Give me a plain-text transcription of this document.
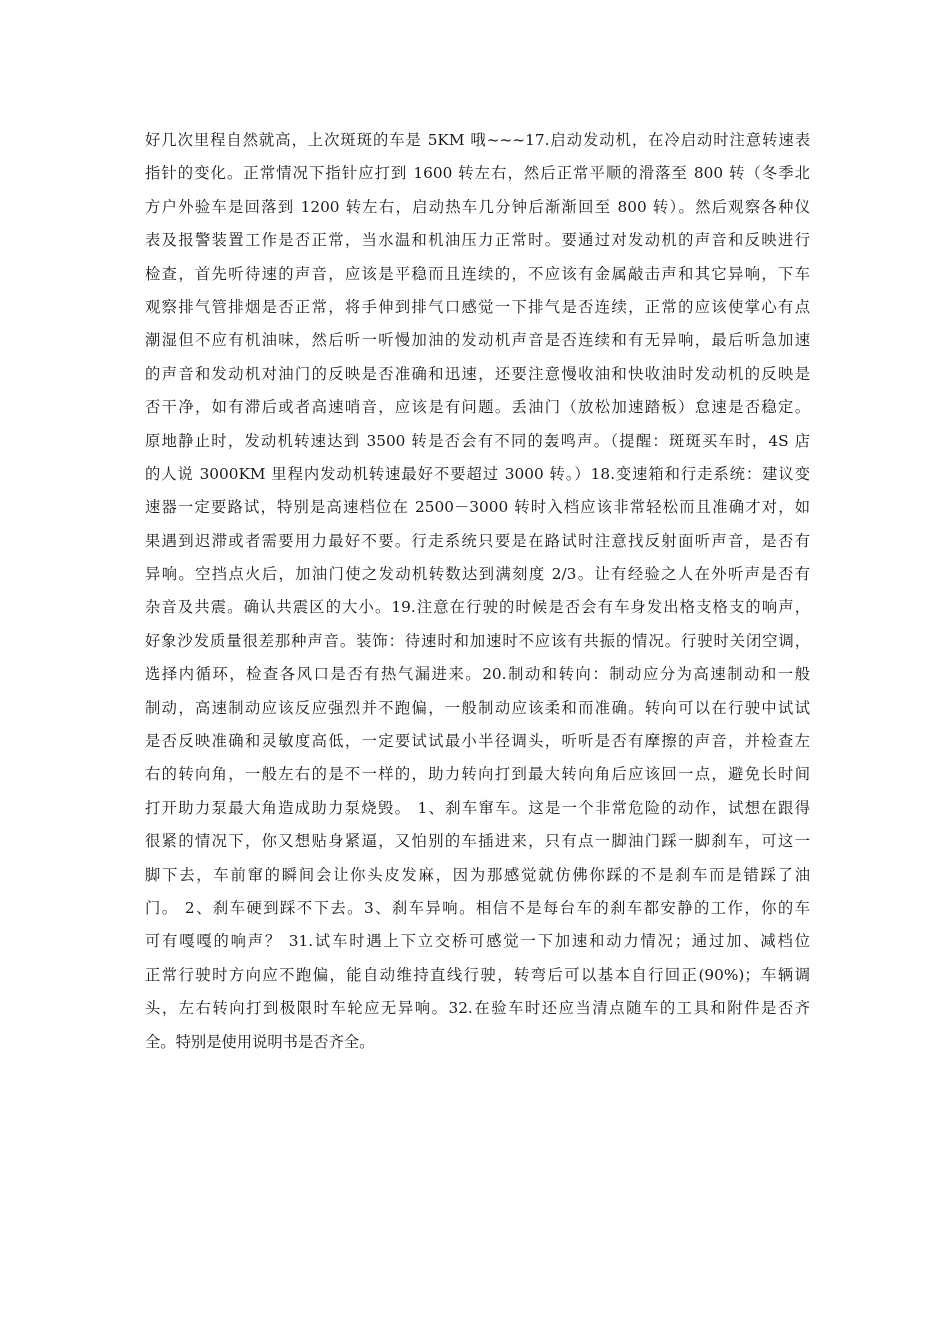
好几次里程自然就高，上次斑斑的车是 5KM 哦~~~17.启动发动机，在冷启动时注意转速表
指针的变化。正常情况下指针应打到 1600 转左右，然后正常平顺的滑落至 800 转（冬季北
方户外验车是回落到 1200 转左右，启动热车几分钟后渐渐回至 800 转）。然后观察各种仪
表及报警装置工作是否正常，当水温和机油压力正常时。要通过对发动机的声音和反映进行
检查，首先听待速的声音，应该是平稳而且连续的，不应该有金属敲击声和其它异响，下车
观察排气管排烟是否正常，将手伸到排气口感觉一下排气是否连续，正常的应该使掌心有点
潮湿但不应有机油味，然后听一听慢加油的发动机声音是否连续和有无异响，最后听急加速
的声音和发动机对油门的反映是否准确和迅速，还要注意慢收油和快收油时发动机的反映是
否干净，如有滞后或者高速哨音，应该是有问题。丢油门（放松加速踏板）怠速是否稳定。
原地静止时，发动机转速达到 3500 转是否会有不同的轰鸣声。（提醒：斑斑买车时，4S 店
的人说 3000KM 里程内发动机转速最好不要超过 3000 转。）18.变速箱和行走系统：建议变
速器一定要路试，特别是高速档位在 2500－3000 转时入档应该非常轻松而且准确才对，如
果遇到迟滞或者需要用力最好不要。行走系统只要是在路试时注意找反射面听声音，是否有
异响。空挡点火后，加油门使之发动机转数达到满刻度 2/3。让有经验之人在外听声是否有
杂音及共震。确认共震区的大小。19.注意在行驶的时候是否会有车身发出格支格支的响声，
好象沙发质量很差那种声音。装饰：待速时和加速时不应该有共振的情况。行驶时关闭空调，
选择内循环，检查各风口是否有热气漏进来。20.制动和转向：制动应分为高速制动和一般
制动，高速制动应该反应强烈并不跑偏，一般制动应该柔和而准确。转向可以在行驶中试试
是否反映准确和灵敏度高低，一定要试试最小半径调头，听听是否有摩擦的声音，并检查左
右的转向角，一般左右的是不一样的，助力转向打到最大转向角后应该回一点，避免长时间
打开助力泵最大角造成助力泵烧毁。 1、刹车窜车。这是一个非常危险的动作，试想在跟得
很紧的情况下，你又想贴身紧逼，又怕别的车插进来，只有点一脚油门踩一脚刹车，可这一
脚下去，车前窜的瞬间会让你头皮发麻，因为那感觉就仿佛你踩的不是刹车而是错踩了油
门。 2、刹车硬到踩不下去。3、刹车异响。相信不是每台车的刹车都安静的工作，你的车
可有嘎嘎的响声？ 31.试车时遇上下立交桥可感觉一下加速和动力情况；通过加、减档位
正常行驶时方向应不跑偏，能自动维持直线行驶，转弯后可以基本自行回正(90%)；车辆调
头，左右转向打到极限时车轮应无异响。32.在验车时还应当清点随车的工具和附件是否齐
全。特别是使用说明书是否齐全。
